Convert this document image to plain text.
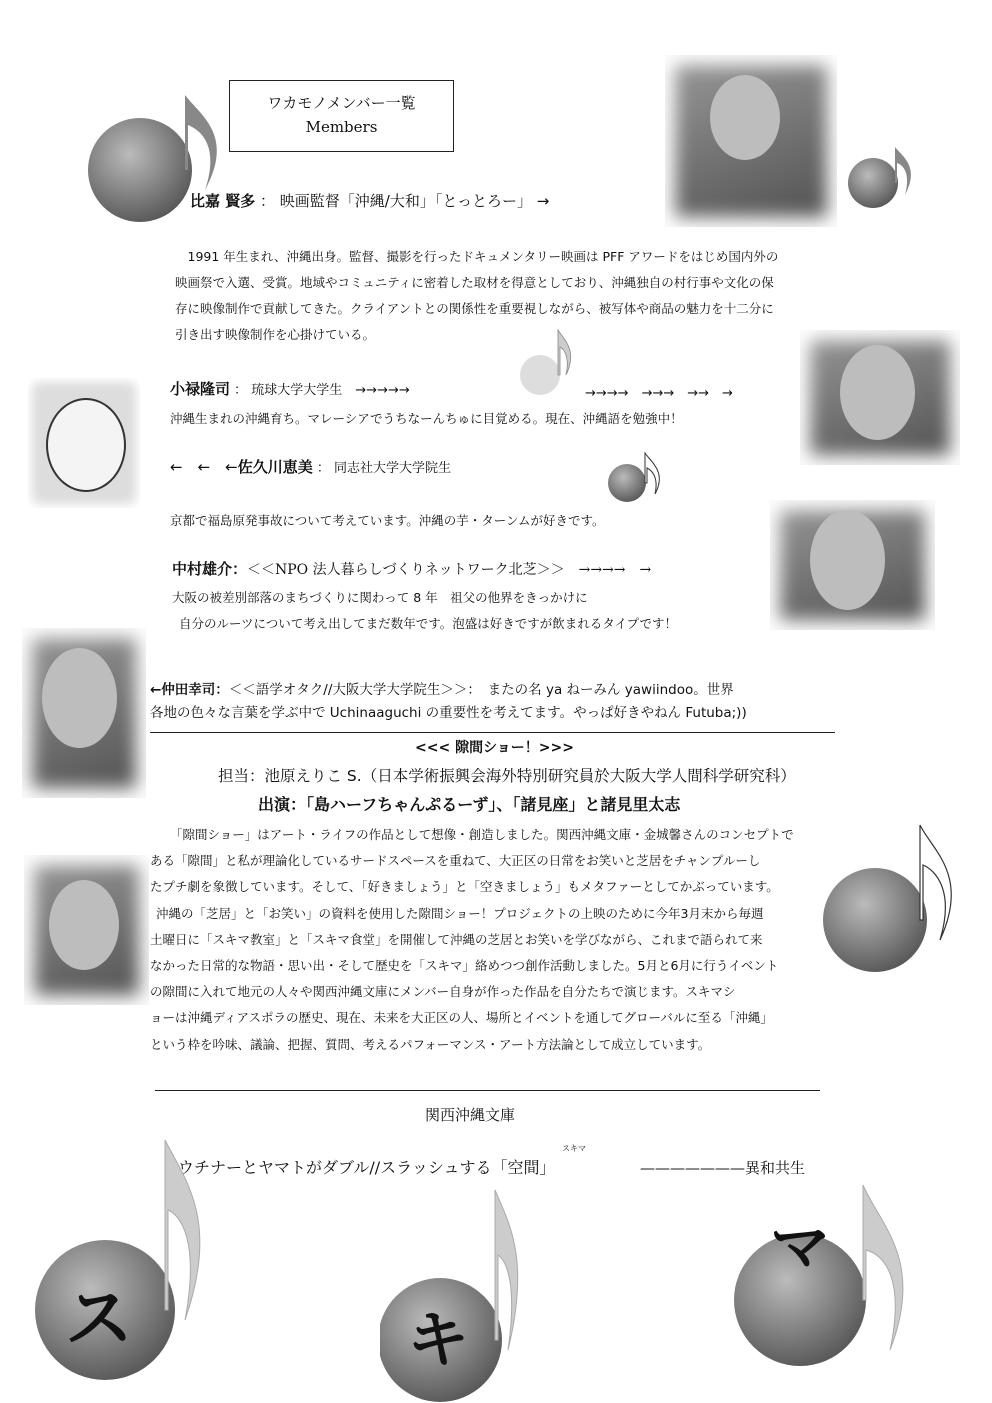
ワカモノメンバー一覧
Members
ス	キ
マ
比嘉 賢多 ： 映画監督「沖縄/大和」「とっとろー」 →
　1991 年生まれ、沖縄出身。監督、撮影を行ったドキュメンタリー映画は PFF アワードをはじめ国内外の
映画祭で入選、受賞。地域やコミュニティに密着した取材を得意としており、沖縄独自の村行事や文化の保
存に映像制作で貢献してきた。クライアントとの関係性を重要視しながら、被写体や商品の魅力を十二分に
引き出す映像制作を心掛けている。
小禄隆司 ： 琉球大学大学生　→→→→→	→→→→　→→→　→→　→
沖縄生まれの沖縄育ち。マレーシアでうちなーんちゅに目覚める。現在、沖縄語を勉強中！
←　←　←佐久川恵美 ： 同志社大学大学院生
京都で福島原発事故について考えています。沖縄の芋・ターンムが好きです。
中村雄介：＜＜NPO 法人暮らしづくりネットワーク北芝＞＞　→→→→　→
大阪の被差別部落のまちづくりに関わって 8 年　祖父の他界をきっかけに
自分のルーツについて考え出してまだ数年です。泡盛は好きですが飲まれるタイプです！
←仲田幸司：＜＜語学オタク//大阪大学大学院生＞＞：　またの名 ya ねーみん yawiindoo。世界
各地の色々な言葉を学ぶ中で Uchinaaguchi の重要性を考えてます。やっぱ好きやねん Futuba;))
<<< 隙間ショー！>>>
担当：池原えりこ S.（日本学術振興会海外特別研究員於大阪大学人間科学研究科）
出演：「島ハーフちゃんぷるーず」、「諸見座」と諸見里太志
「隙間ショー」はアート・ライフの作品として想像・創造しました。関西沖縄文庫・金城馨さんのコンセプトで
ある「隙間」と私が理論化しているサードスペースを重ねて、大正区の日常をお笑いと芝居をチャンプルーし
たプチ劇を象徴しています。そして、「好きましょう」と「空きましょう」もメタファーとしてかぶっています。
沖縄の「芝居」と「お笑い」の資料を使用した隙間ショー！プロジェクトの上映のために今年3月末から毎週
土曜日に「スキマ教室」と「スキマ食堂」を開催して沖縄の芝居とお笑いを学びながら、これまで語られて来
なかった日常的な物語・思い出・そして歴史を「スキマ」絡めつつ創作活動しました。5月と6月に行うイベント
の隙間に入れて地元の人々や関西沖縄文庫にメンバー自身が作った作品を自分たちで演じます。スキマシ
ョーは沖縄ディアスポラの歴史、現在、未来を大正区の人、場所とイベントを通してグローバルに至る「沖縄」
という枠を吟味、議論、把握、質問、考えるパフォーマンス・アート方法論として成立しています。
関西沖縄文庫
スキマ
ウチナーとヤマトがダブル//スラッシュする「空間」	———————異和共生
